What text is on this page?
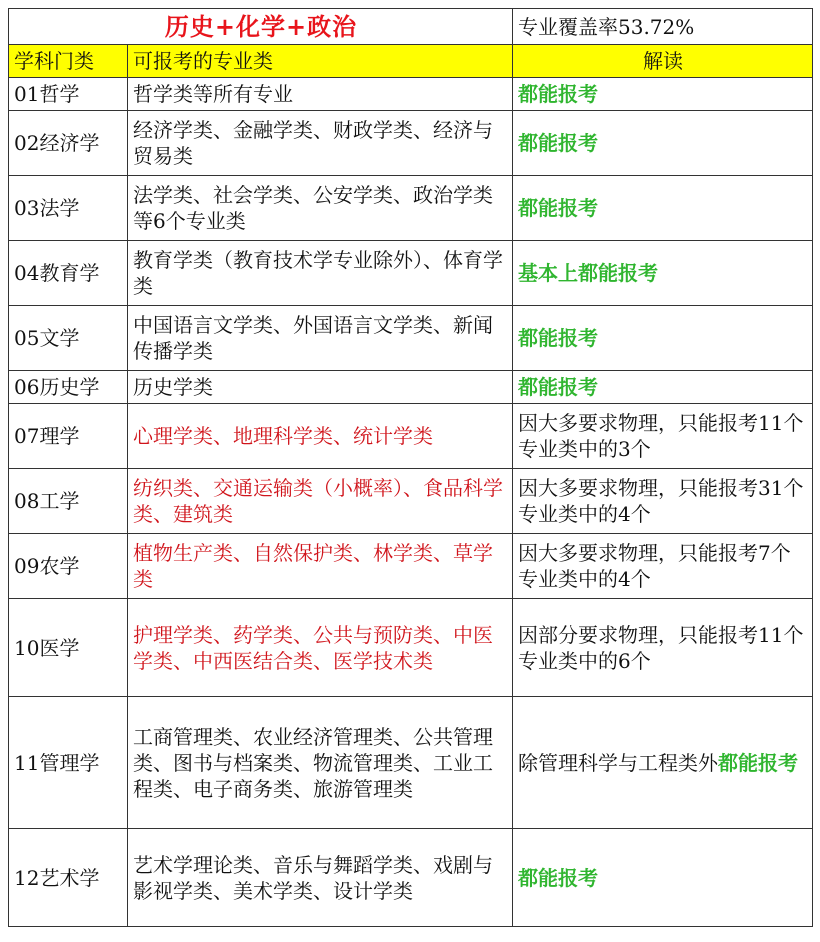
历史+化学+政治		专业覆盖率53.72%
学科门类	可报考的专业类	解读
01哲学	哲学类等所有专业	都能报考
02经济学	经济学类、金融学类、财政学类、经济与贸易类	都能报考
03法学	法学类、社会学类、公安学类、政治学类等6个专业类	都能报考
04教育学	教育学类（教育技术学专业除外）、体育学类	基本上都能报考
05文学	中国语言文学类、外国语言文学类、新闻传播学类	都能报考
06历史学	历史学类	都能报考
07理学	心理学类、地理科学类、统计学类	因大多要求物理，只能报考11个专业类中的3个
08工学	纺织类、交通运输类（小概率）、食品科学类、建筑类	因大多要求物理，只能报考31个专业类中的4个
09农学	植物生产类、自然保护类、林学类、草学类	因大多要求物理，只能报考7个专业类中的4个
10医学	护理学类、药学类、公共与预防类、中医学类、中西医结合类、医学技术类	因部分要求物理，只能报考11个专业类中的6个
11管理学	工商管理类、农业经济管理类、公共管理类、图书与档案类、物流管理类、工业工程类、电子商务类、旅游管理类	除管理科学与工程类外都能报考
12艺术学	艺术学理论类、音乐与舞蹈学类、戏剧与影视学类、美术学类、设计学类	都能报考
